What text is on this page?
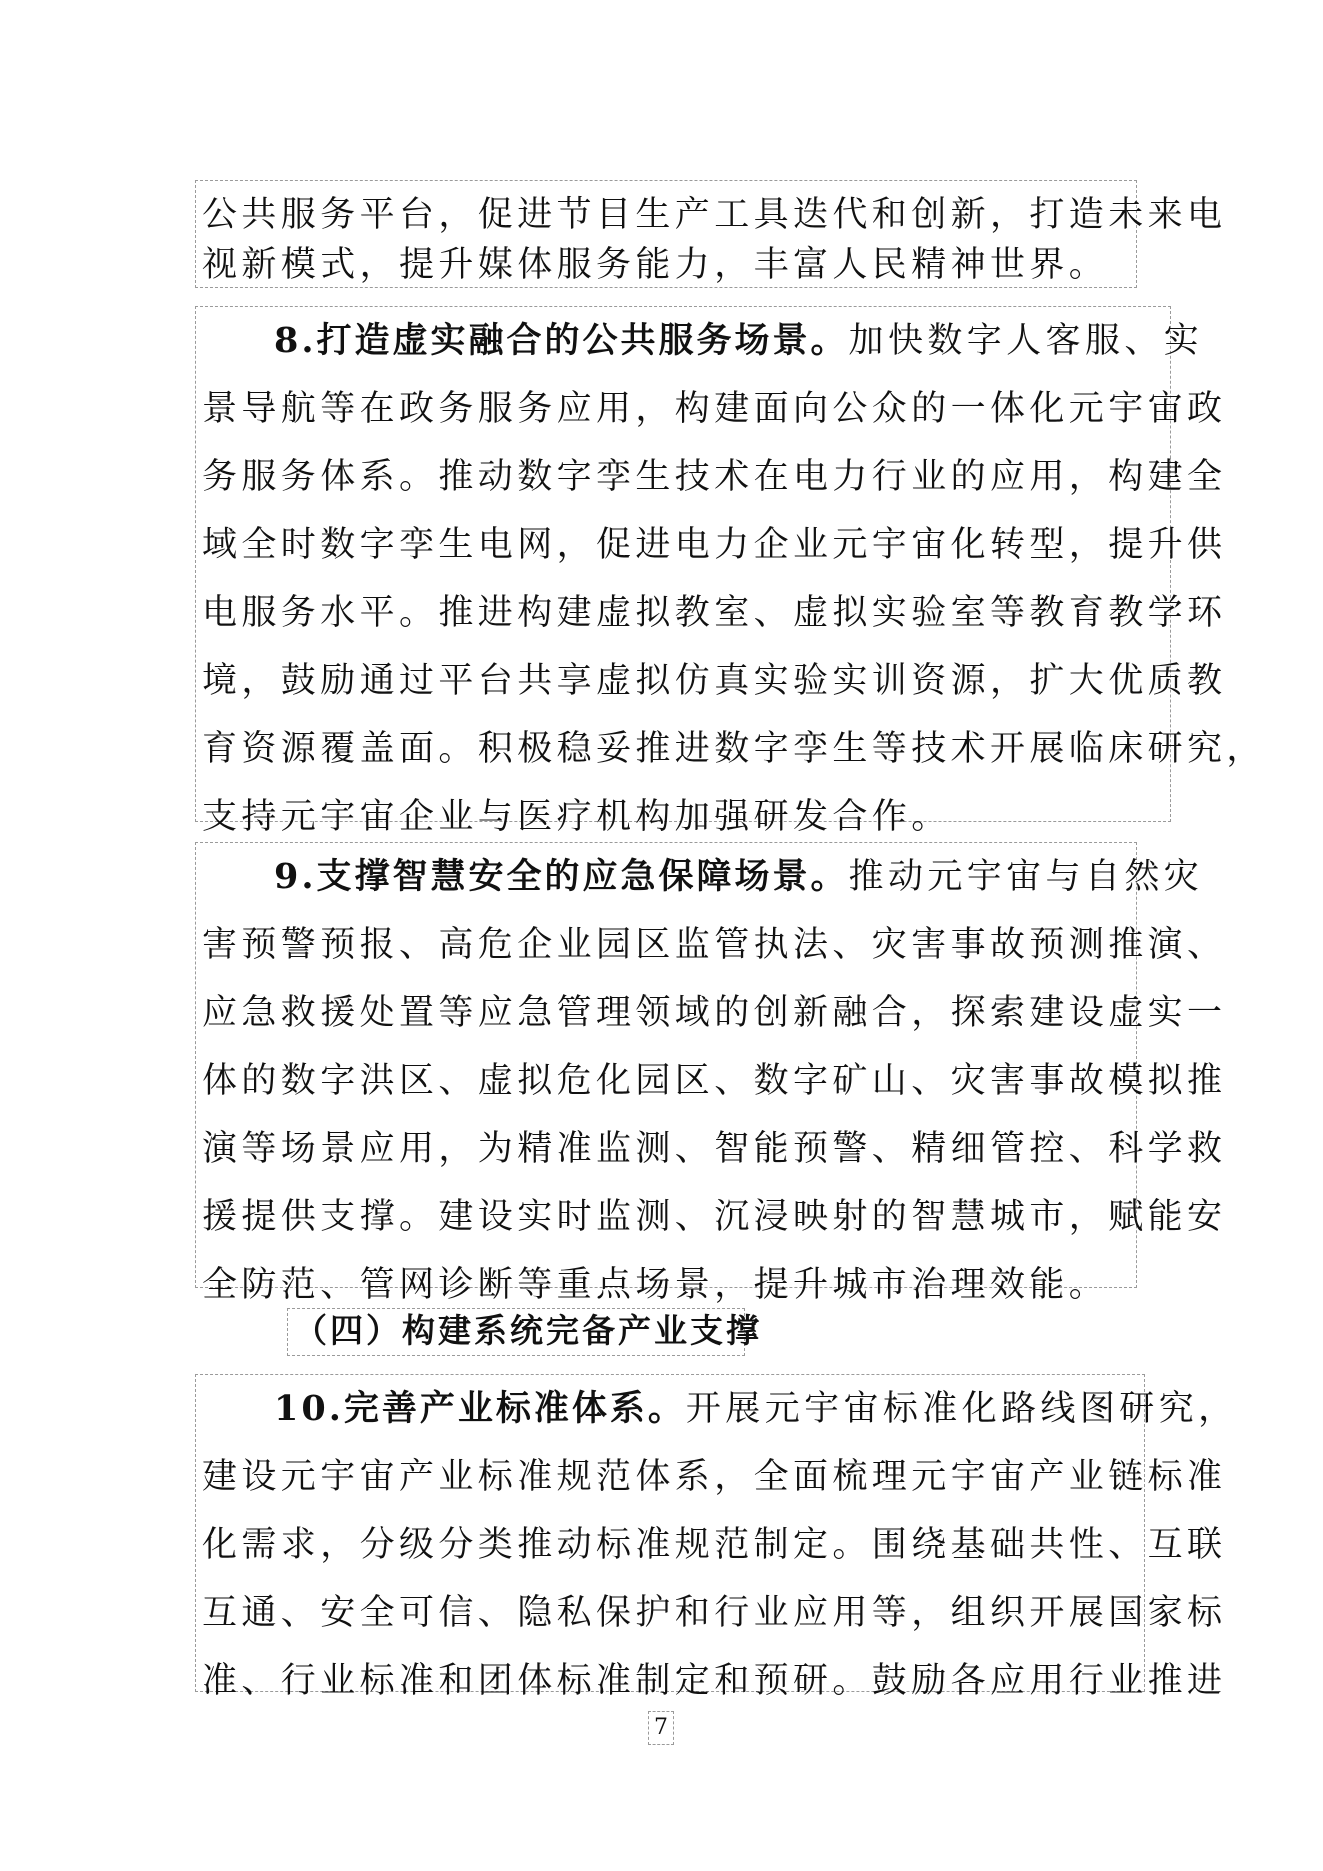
公共服务平台，促进节目生产工具迭代和创新，打造未来电
视新模式，提升媒体服务能力，丰富人民精神世界。
8.打造虚实融合的公共服务场景。加快数字人客服、实
景导航等在政务服务应用，构建面向公众的一体化元宇宙政
务服务体系。推动数字孪生技术在电力行业的应用，构建全
域全时数字孪生电网，促进电力企业元宇宙化转型，提升供
电服务水平。推进构建虚拟教室、虚拟实验室等教育教学环
境，鼓励通过平台共享虚拟仿真实验实训资源，扩大优质教
育资源覆盖面。积极稳妥推进数字孪生等技术开展临床研究，
支持元宇宙企业与医疗机构加强研发合作。
9.支撑智慧安全的应急保障场景。推动元宇宙与自然灾
害预警预报、高危企业园区监管执法、灾害事故预测推演、
应急救援处置等应急管理领域的创新融合，探索建设虚实一
体的数字洪区、虚拟危化园区、数字矿山、灾害事故模拟推
演等场景应用，为精准监测、智能预警、精细管控、科学救
援提供支撑。建设实时监测、沉浸映射的智慧城市，赋能安
全防范、管网诊断等重点场景，提升城市治理效能。
（四）构建系统完备产业支撑
10.完善产业标准体系。开展元宇宙标准化路线图研究，
建设元宇宙产业标准规范体系，全面梳理元宇宙产业链标准
化需求，分级分类推动标准规范制定。围绕基础共性、互联
互通、安全可信、隐私保护和行业应用等，组织开展国家标
准、行业标准和团体标准制定和预研。鼓励各应用行业推进
7
